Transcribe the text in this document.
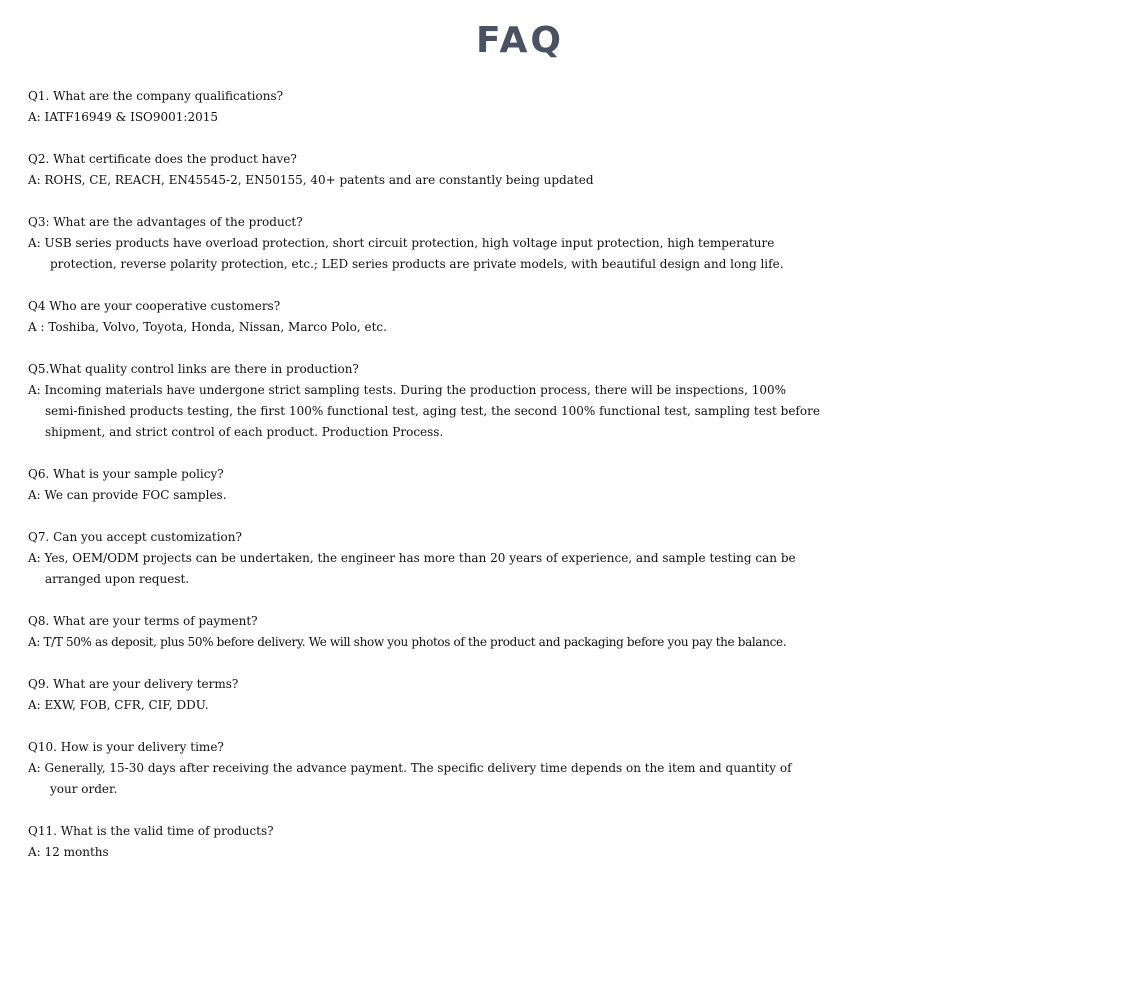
FAQ

Q1. What are the company qualifications?

A: IATF16949 & ISO9001:2015

Q2. What certificate does the product have?

A: ROHS, CE, REACH, EN45545-2, EN50155, 40+ patents and are constantly being updated

Q3: What are the advantages of the product?

A: USB series products have overload protection, short circuit protection, high voltage input protection, high temperature
protection, reverse polarity protection, etc.; LED series products are private models, with beautiful design and long life.

Q4 Who are your cooperative customers?

A : Toshiba, Volvo, Toyota, Honda, Nissan, Marco Polo, etc.

Q5.What quality control links are there in production?

A: Incoming materials have undergone strict sampling tests. During the production process, there will be inspections, 100%
semi-finished products testing, the first 100% functional test, aging test, the second 100% functional test, sampling test before
shipment, and strict control of each product. Production Process.

Q6. What is your sample policy?

A: We can provide FOC samples.

Q7. Can you accept customization?

A: Yes, OEM/ODM projects can be undertaken, the engineer has more than 20 years of experience, and sample testing can be
arranged upon request.

Q8. What are your terms of payment?

A: T/T 50% as deposit, plus 50% before delivery. We will show you photos of the product and packaging before you pay the balance.

Q9. What are your delivery terms?

A: EXW, FOB, CFR, CIF, DDU.

Q10. How is your delivery time?

A: Generally, 15-30 days after receiving the advance payment. The specific delivery time depends on the item and quantity of
your order.

Q11. What is the valid time of products?

A: 12 months
